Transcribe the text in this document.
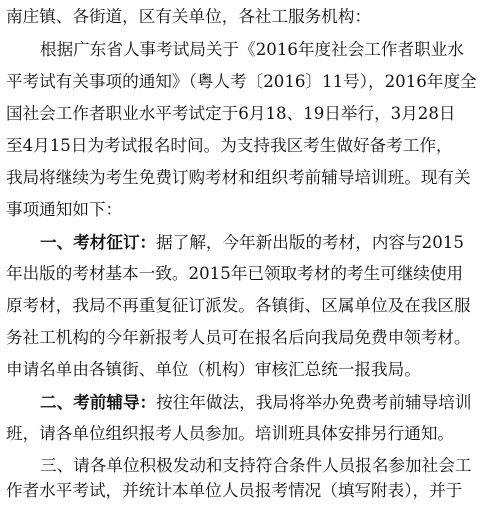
南庄镇、各街道，区有关单位，各社工服务机构：
根据广东省人事考试局关于《2016年度社会工作者职业水
平考试有关事项的通知》（粤人考〔2016〕11号），2016年度全
国社会工作者职业水平考试定于6月18、19日举行，3月28日
至4月15日为考试报名时间。为支持我区考生做好备考工作，
我局将继续为考生免费订购考材和组织考前辅导培训班。现有关
事项通知如下：
一、考材征订：据了解，今年新出版的考材，内容与2015
年出版的考材基本一致。2015年已领取考材的考生可继续使用
原考材，我局不再重复征订派发。各镇街、区属单位及在我区服
务社工机构的今年新报考人员可在报名后向我局免费申领考材。
申请名单由各镇街、单位（机构）审核汇总统一报我局。
二、考前辅导：按往年做法，我局将举办免费考前辅导培训
班，请各单位组织报考人员参加。培训班具体安排另行通知。
三、请各单位积极发动和支持符合条件人员报名参加社会工
作者水平考试，并统计本单位人员报考情况（填写附表），并于
